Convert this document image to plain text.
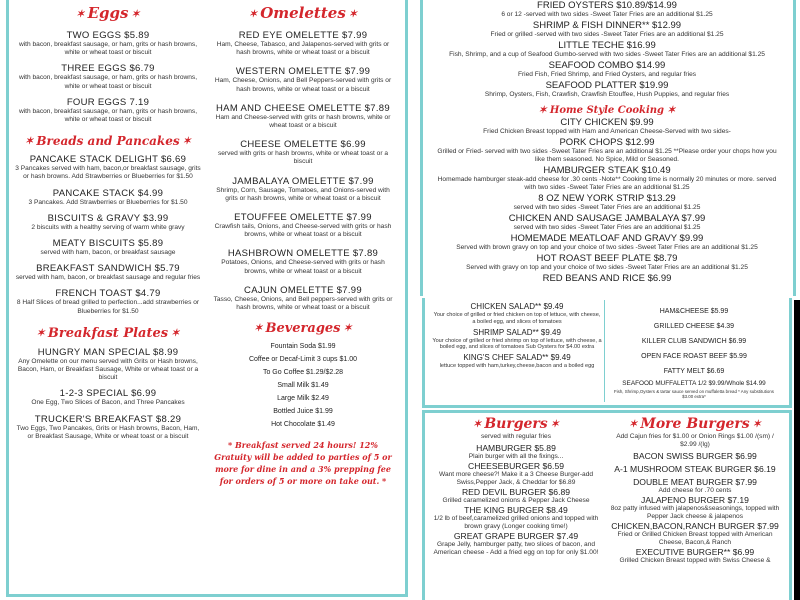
✶ Eggs ✶
TWO EGGS $5.89
with bacon, breakfast sausage, or ham, grits or hash browns, white or wheat toast or biscuit
THREE EGGS $6.79
with bacon, breakfast sausage, or ham, grits or hash browns, white or wheat toast or biscuit
FOUR EGGS 7.19
with bacon, breakfast sausage, or ham, grits or hash browns, white or wheat toast or biscuit
✶ Breads and Pancakes ✶
PANCAKE STACK DELIGHT $6.69
3 Pancakes served with ham, bacon,or breakfast sausage, grits or hash browns. Add Strawberries or Blueberries for $1.50
PANCAKE STACK $4.99
3 Pancakes. Add Strawberries or Blueberries for $1.50
BISCUITS & GRAVY $3.99
2 biscuits with a healthy serving of warm white gravy
MEATY BISCUITS $5.89
served with ham, bacon, or breakfast sausage
BREAKFAST SANDWICH $5.79
served with ham, bacon, or breakfast sausage and regular fries
FRENCH TOAST $4.79
8 Half Slices of bread grilled to perfection...add strawberries or Blueberries for $1.50
✶ Breakfast Plates ✶
HUNGRY MAN SPECIAL $8.99
Any Omelette on our menu served with Grits or Hash browns, Bacon, Ham, or Breakfast Sausage, White or wheat toast or a biscuit
1-2-3 SPECIAL $6.99
One Egg, Two Slices of Bacon, and Three Pancakes
TRUCKER'S BREAKFAST $8.29
Two Eggs, Two Pancakes, Grits or Hash browns, Bacon, Ham, or Breakfast Sausage, White or wheat toast or a biscuit
✶ Omelettes ✶
RED EYE OMELETTE $7.99
Ham, Cheese, Tabasco, and Jalapenos-served with grits or hash browns, white or wheat toast or a biscuit
WESTERN OMELETTE $7.99
Ham, Cheese, Onions, and Bell Peppers-served with grits or hash browns, white or wheat toast or a biscuit
HAM AND CHEESE OMELETTE $7.89
Ham and Cheese-served with grits or hash browns, white or wheat toast or a biscuit
CHEESE OMELETTE $6.99
served with grits or hash browns, white or wheat toast or a biscuit
JAMBALAYA OMELETTE $7.99
Shrimp, Corn, Sausage, Tomatoes, and Onions-served with grits or hash browns, white or wheat toast or a biscuit
ETOUFFEE OMELETTE $7.99
Crawfish tails, Onions, and Cheese-served with grits or hash browns, white or wheat toast or a biscuit
HASHBROWN OMELETTE $7.89
Potatoes, Onions, and Cheese-served with grits or hash browns, white or wheat toast or a biscuit
CAJUN OMELETTE $7.99
Tasso, Cheese, Onions, and Bell peppers-served with grits or hash browns, white or wheat toast or a biscuit
✶ Beverages ✶
Fountain Soda $1.99
Coffee or Decaf-Limit 3 cups $1.00
To Go Coffee $1.29/$2.28
Small Milk $1.49
Large Milk $2.49
Bottled Juice $1.99
Hot Chocolate $1.49
* Breakfast served 24 hours! 12% Gratuity will be added to parties of 5 or more for dine in and a 3% prepping fee for orders of 5 or more on take out. *
FRIED OYSTERS $10.89/$14.99
6 or 12 -served with two sides -Sweet Tater Fries are an additional $1.25
SHRIMP & FISH DINNER** $12.99
Fried or grilled -served with two sides -Sweet Tater Fries are an additional $1.25
LITTLE TECHE $16.99
Fish, Shrimp, and a cup of Seafood Gumbo-served with two sides -Sweet Tater Fries are an additional $1.25
SEAFOOD COMBO $14.99
Fried Fish, Fried Shrimp, and Fried Oysters, and regular fries
SEAFOOD PLATTER $19.99
Shrimp, Oysters, Fish, Crawfish, Crawfish Etouffee, Hush Puppies, and regular fries
✶ Home Style Cooking ✶
CITY CHICKEN $9.99
Fried Chicken Breast topped with Ham and American Cheese-Served with two sides-
PORK CHOPS $12.99
Grilled or Fried- served with two sides -Sweet Tater Fries are an additional $1.25 **Please order your chops how you like them seasoned. No Spice, Mild or Seasoned.
HAMBURGER STEAK $10.49
Homemade hamburger steak-add cheese for .30 cents -Note** Cooking time is normally 20 minutes or more. served with two sides -Sweet Tater Fries are an additional $1.25
8 OZ NEW YORK STRIP $13.29
served with two sides -Sweet Tater Fries are an additional $1.25
CHICKEN AND SAUSAGE JAMBALAYA $7.99
served with two sides -Sweet Tater Fries are an additional $1.25
HOMEMADE MEATLOAF AND GRAVY $9.99
Served with brown gravy on top and your choice of two sides -Sweet Tater Fries are an additional $1.25
HOT ROAST BEEF PLATE $8.79
Served with gravy on top and your choice of two sides -Sweet Tater Fries are an additional $1.25
RED BEANS AND RICE $6.99
CHICKEN SALAD** $9.49
Your choice of grilled or fried chicken on top of lettuce, with cheese, a boiled egg, and slices of tomatoes
SHRIMP SALAD** $9.49
Your choice of grilled or fried shrimp on top of lettuce, with cheese, a boiled egg, and slices of tomatoes Sub Oysters for $4.00 extra
KING'S CHEF SALAD** $9.49
lettuce topped with ham,turkey,cheese,bacon and a boiled egg
HAM&CHEESE $5.99
GRILLED CHEESE $4.39
KILLER CLUB SANDWICH $6.99
OPEN FACE ROAST BEEF $5.99
FATTY MELT $6.69
SEAFOOD MUFFALETTA 1/2 $9.99/Whole $14.99
Fish, Shrimp,Oysters & tartar sauce served on muffaletta bread * Any substitutions $3.00 extra*
✶ Burgers ✶
served with regular fries
HAMBURGER $5.89
Plain burger with all the fixings...
CHEESEBURGER $6.59
Want more cheese?! Make it a 3 Cheese Burger-add Swiss,Pepper Jack, & Cheddar for $6.89
RED DEVIL BURGER $6.89
Grilled caramelized onions & Pepper Jack Cheese
THE KING BURGER $8.49
1/2 lb of beef,caramelized grilled onions and topped with brown gravy (Longer cooking time!)
GREAT GRAPE BURGER $7.49
Grape Jelly, hamburger patty, two slices of bacon, and American cheese - Add a fried egg on top for only $1.00!
✶ More Burgers ✶
Add Cajun fries for $1.00 or Onion Rings $1.00 /(sm) / $2.99 /(lg)
BACON SWISS BURGER $6.99
A-1 MUSHROOM STEAK BURGER $6.19
DOUBLE MEAT BURGER $7.99
Add cheese for .70 cents
JALAPENO BURGER $7.19
8oz patty infused with jalapenos&seasonings, topped with Pepper Jack cheese & jalapenos
CHICKEN,BACON,RANCH BURGER $7.99
Fried or Grilled Chicken Breast topped with American Cheese, Bacon,& Ranch
EXECUTIVE BURGER** $6.99
Grilled Chicken Breast topped with Swiss Cheese &
